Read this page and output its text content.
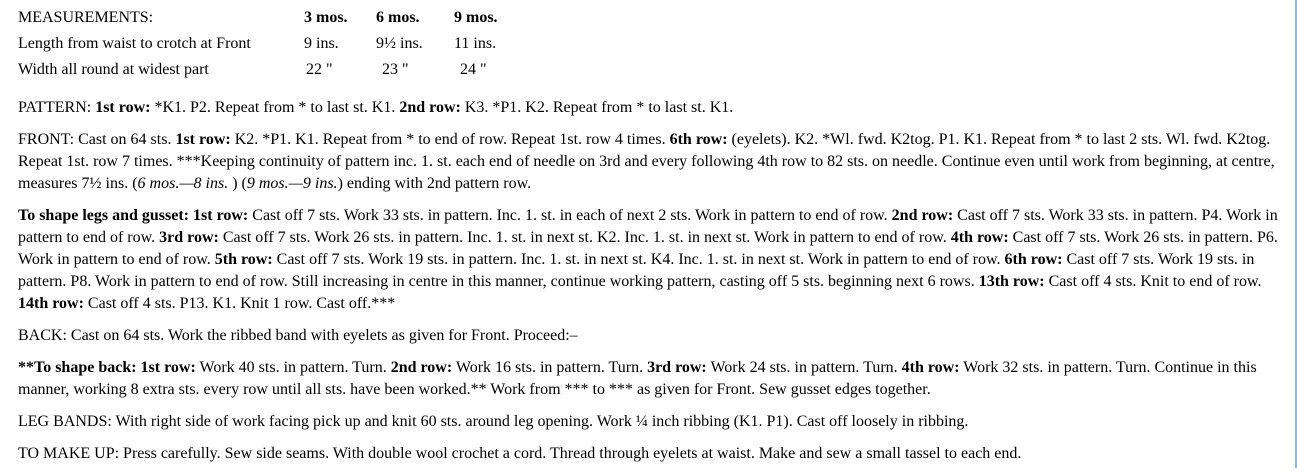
MEASUREMENTS:	3 mos.	6 mos.	9 mos.
Length from waist to crotch at Front	9 ins.	9½ ins.	11 ins.
Width all round at widest part	22 "	23 "	24 "

PATTERN: 1st row: *K1. P2. Repeat from * to last st. K1. 2nd row: K3. *P1. K2. Repeat from * to last st. K1.

FRONT: Cast on 64 sts. 1st row: K2. *P1. K1. Repeat from * to end of row. Repeat 1st. row 4 times. 6th row: (eyelets). K2. *Wl. fwd. K2tog. P1. K1. Repeat from * to last 2 sts. Wl. fwd. K2tog. Repeat 1st. row 7 times. ***Keeping continuity of pattern inc. 1. st. each end of needle on 3rd and every following 4th row to 82 sts. on needle. Continue even until work from beginning, at centre, measures 7½ ins. (6 mos.—8 ins. ) (9 mos.—9 ins.) ending with 2nd pattern row.

To shape legs and gusset: 1st row: Cast off 7 sts. Work 33 sts. in pattern. Inc. 1. st. in each of next 2 sts. Work in pattern to end of row. 2nd row: Cast off 7 sts. Work 33 sts. in pattern. P4. Work in pattern to end of row. 3rd row: Cast off 7 sts. Work 26 sts. in pattern. Inc. 1. st. in next st. K2. Inc. 1. st. in next st. Work in pattern to end of row. 4th row: Cast off 7 sts. Work 26 sts. in pattern. P6. Work in pattern to end of row. 5th row: Cast off 7 sts. Work 19 sts. in pattern. Inc. 1. st. in next st. K4. Inc. 1. st. in next st. Work in pattern to end of row. 6th row: Cast off 7 sts. Work 19 sts. in pattern. P8. Work in pattern to end of row. Still increasing in centre in this manner, continue working pattern, casting off 5 sts. beginning next 6 rows. 13th row: Cast off 4 sts. Knit to end of row. 14th row: Cast off 4 sts. P13. K1. Knit 1 row. Cast off.***

BACK: Cast on 64 sts. Work the ribbed band with eyelets as given for Front. Proceed:–

**To shape back: 1st row: Work 40 sts. in pattern. Turn. 2nd row: Work 16 sts. in pattern. Turn. 3rd row: Work 24 sts. in pattern. Turn. 4th row: Work 32 sts. in pattern. Turn. Continue in this manner, working 8 extra sts. every row until all sts. have been worked.** Work from *** to *** as given for Front. Sew gusset edges together.

LEG BANDS: With right side of work facing pick up and knit 60 sts. around leg opening. Work ¼ inch ribbing (K1. P1). Cast off loosely in ribbing.

TO MAKE UP: Press carefully. Sew side seams. With double wool crochet a cord. Thread through eyelets at waist. Make and sew a small tassel to each end.
